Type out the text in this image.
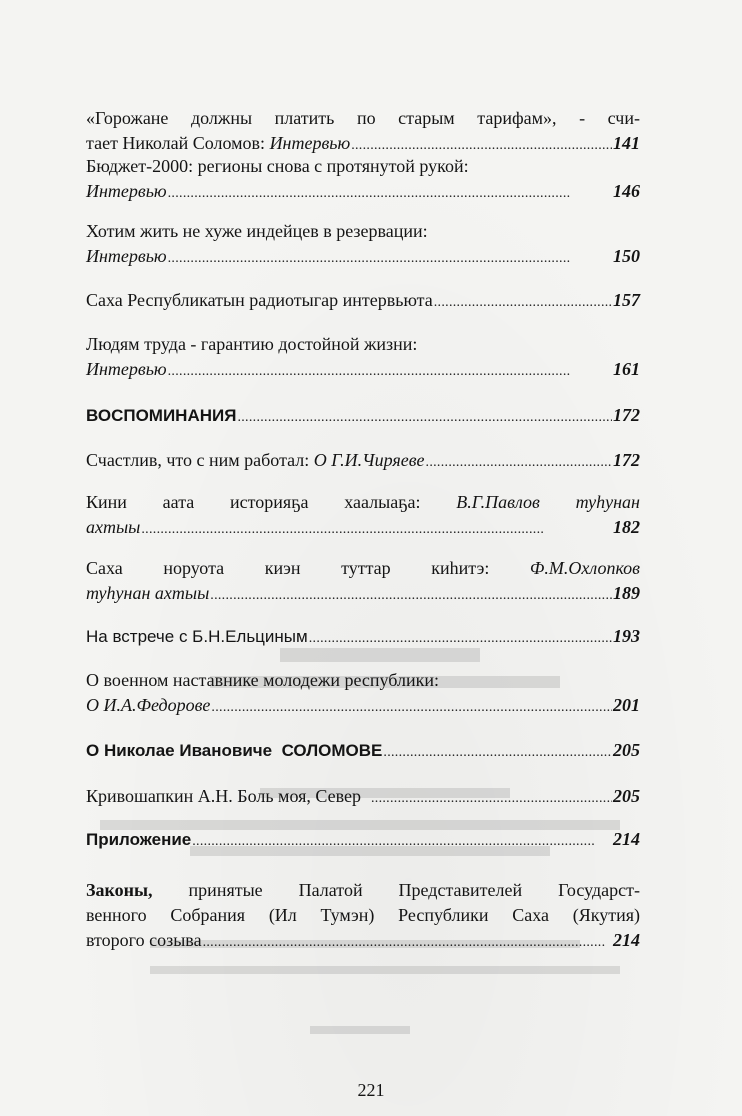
«Горожане должны платить по старым тарифам», - счи-
тает Николай Соломов: Интервью . . .	141
Бюджет-2000: регионы снова с протянутой рукой:
Интервью . . .	146
Хотим жить не хуже индейцев в резервации:
Интервью . . .	150
Саха Республикатын радиотыгар интервьюта . . .	157
Людям труда - гарантию достойной жизни:
Интервью . . .	161
ВОСПОМИНАНИЯ . . .	172
Счастлив, что с ним работал: О Г.И.Чиряеве . . .	172
Кини аата историяҕа хаалыаҕа: В.Г.Павлов туһунан
ахтыы . . .	182
Саха норуота киэн туттар киһитэ: Ф.М.Охлопков
туһунан ахтыы . . .	189
На встрече с Б.Н.Ельциным . . .	193
О военном наставнике молодежи республики:
О И.А.Федорове . . .	201
О Николае Ивановиче  СОЛОМОВЕ . . .	205
Кривошапкин А.Н. Боль моя, Север . . .	205
Приложение . . .	214
Законы, принятые Палатой Представителей Государст-
венного Собрания (Ил Тумэн) Республики Саха (Якутия)
второго созыва . . .	214
221
